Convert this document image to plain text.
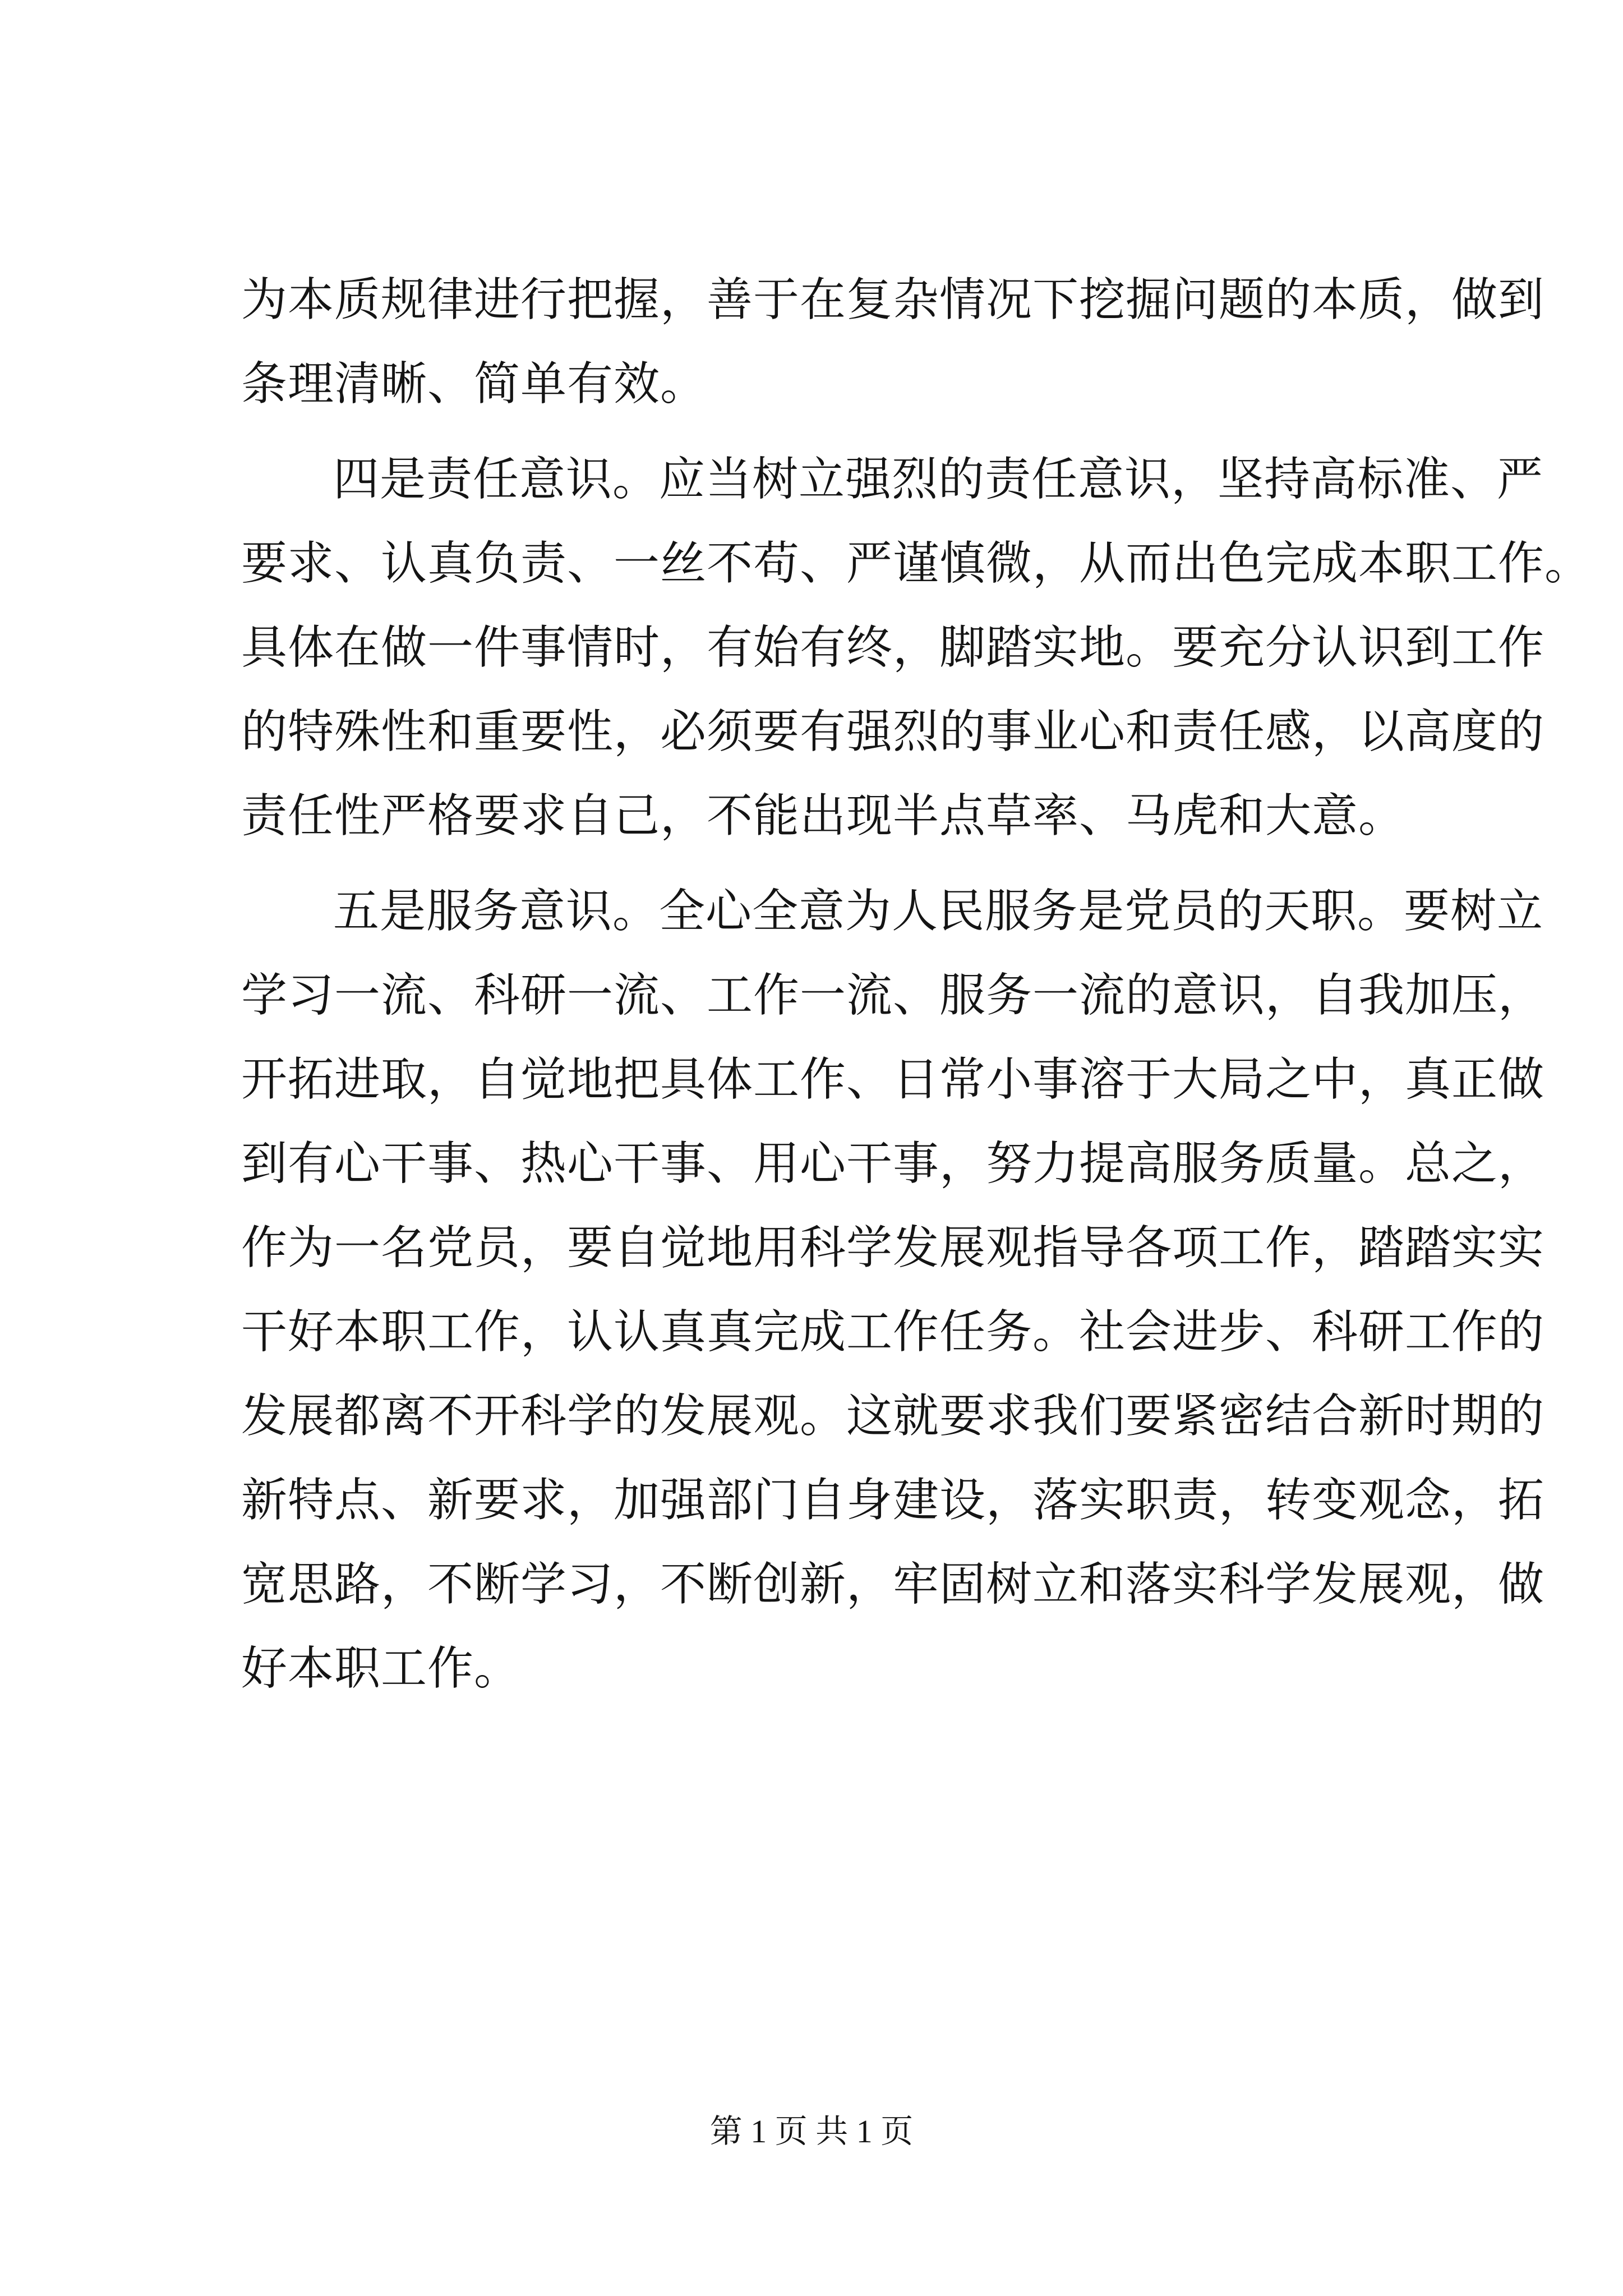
为本质规律进行把握，善于在复杂情况下挖掘问题的本质，做到
条理清晰、简单有效。
四是责任意识。应当树立强烈的责任意识，坚持高标准、严
要求、认真负责、一丝不苟、严谨慎微，从而出色完成本职工作。
具体在做一件事情时，有始有终，脚踏实地。要充分认识到工作
的特殊性和重要性，必须要有强烈的事业心和责任感，以高度的
责任性严格要求自己，不能出现半点草率、马虎和大意。
五是服务意识。全心全意为人民服务是党员的天职。要树立
学习一流、科研一流、工作一流、服务一流的意识，自我加压，
开拓进取，自觉地把具体工作、日常小事溶于大局之中，真正做
到有心干事、热心干事、用心干事，努力提高服务质量。总之，
作为一名党员，要自觉地用科学发展观指导各项工作，踏踏实实
干好本职工作，认认真真完成工作任务。社会进步、科研工作的
发展都离不开科学的发展观。这就要求我们要紧密结合新时期的
新特点、新要求，加强部门自身建设，落实职责，转变观念，拓
宽思路，不断学习，不断创新，牢固树立和落实科学发展观，做
好本职工作。
第 1 页 共 1 页
